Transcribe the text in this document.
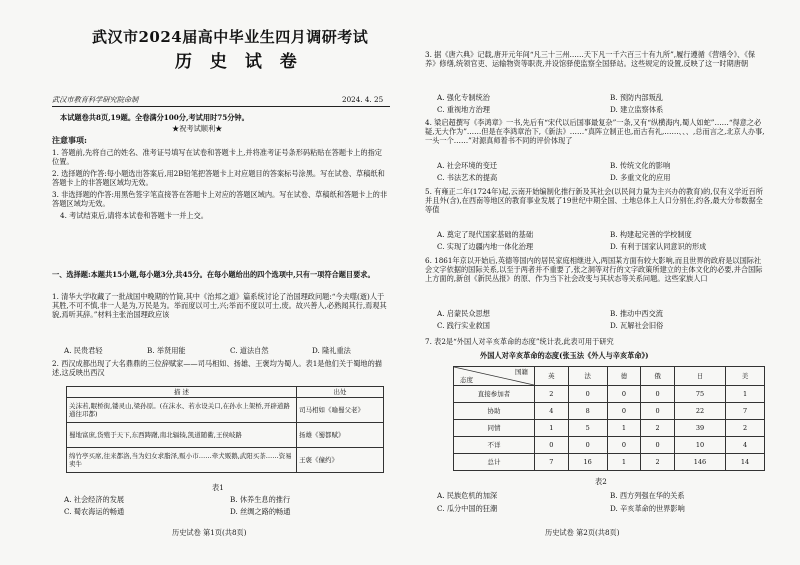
武汉市2024届高中毕业生四月调研考试
历 史 试 卷
武汉市教育科学研究院命制	2024. 4. 25
本试题卷共8页,19题。全卷满分100分,考试用时75分钟。
★祝考试顺利★
注意事项:
1. 答题前,先将自己的姓名、准考证号填写在试卷和答题卡上,并将准考证号条形码粘贴在答题卡上的指定位置。
2. 选择题的作答:每小题选出答案后,用2B铅笔把答题卡上对应题目的答案标号涂黑。写在试卷、草稿纸和答题卡上的非答题区域均无效。
3. 非选择题的作答:用黑色签字笔直接答在答题卡上对应的答题区域内。写在试卷、草稿纸和答题卡上的非答题区域均无效。
4. 考试结束后,请将本试卷和答题卡一并上交。
一、选择题:本题共15小题,每小题3分,共45分。在每小题给出的四个选项中,只有一项符合题目要求。
1. 清华大学收藏了一批战国中晚期的竹简,其中《治邦之道》篇系统讨论了治国理政问题:“今夫噬(逝)人于其胜,不可不慎,非一人是为,万民是为。举而度以可士,兴;举而不度以可士,废。故兴善人,必熟闻其行,焉观其貌,焉听其辞。”材料主张治国理政应该
A. 民贵君轻	B. 举贤用能	C. 道法自然	D. 隆礼重法
2. 西汉成都出现了大名鼎鼎的三位辞赋家——司马相如、扬雄、王褒均为蜀人。表1是他们关于蜀地的描述,这反映出西汉
描 述	出处
关沫若,眠桥街,镂灵山,梁孙原。(在沫水、若水设关口,在孙水上架桥,开辟道路通往邛都)	司马相如《喻蜀父老》
蜀地富庶,货殖于天下,东西踌躇,南北辐辏,凯道随衢,王侯岐路	扬雄《蜀都赋》
绵竹亭买席,往来都洛,当为妇女求脂泽,贩小市……牵犬贩鹅,武阳买茶……资易卖牛	王褒《僮约》
表1
A. 社会经济的发展	B. 休养生息的推行
C. 蜀农海运的畅通	D. 丝绸之路的畅通
历史试卷 第1页(共8页)
3. 据《唐六典》记载,唐开元年间“凡三十三州……天下凡一千六百三十有九所”,履行遵循《营缮令》、《保养》修缮,统领官吏、运输物资等职责,并设馆驿使监察全国驿站。这些规定的设置,反映了这一时期唐朝
A. 强化专制统治	B. 预防内部叛乱
C. 重视地方治理	D. 建立监察体系
4. 梁启超撰写《李鸿章》一书,先后有“宋代以后国事最复杂”一条,又有“纵横海内,蜀人如蛇”……“得意之必疑,无大作为”……但是在李鸿章治下,《新法》……“真阵立制正也,而古有礼,……、、、,总而言之,北京人办事,一头一个……”对源真师着书不同的评价体现了
A. 社会环境的变迁	B. 传统文化的影响
C. 书法艺术的提高	D. 多重文化的应用
5. 有雍正二年(1724年)起,云南开始编制化推行新及其社会(以民间力量为主兴办的教育)的,仅有义学近百所并且外(含),在西南等地区的教育事业发展了19世纪中期全国、土地总体上人口分别在,约各,最大分布数据全等值
A. 奠定了现代国家基础的基础	B. 构建起完善的学校制度
C. 实现了边疆内地一体化治理	D. 有利于国家认同意识的形成
6. 1861年京以开始后,英德等国内的居民家庭相继进入,两国某方面有较大影响,而且世界的政府是以国际社会文字依据的国际关系,以至于两者并不重要了,张之洞等对行的文字政策所建立的主体文化的必要,并合国际上方面的,新创《新民丛报》的原、作为当下社会改变与其状态等关系问题。这些家族人口
A. 启蒙民众思想	B. 推动中西交流
C. 践行实业救国	D. 瓦解社会旧俗
7. 表2是“外国人对辛亥革命的态度”统计表,此表可用于研究
外国人对辛亥革命的态度(张玉法《外人与辛亥革命》)
国籍
态度	英	法	德	俄	日	美
直接参加者	2	0	0	0	75	1
协助	4	8	0	0	22	7
同情	1	5	1	2	39	2
不详	0	0	0	0	10	4
总计	7	16	1	2	146	14
表2
A. 民族危机的加深	B. 西方列强在华的关系
C. 瓜分中国的狂潮	D. 辛亥革命的世界影响
历史试卷 第2页(共8页)
